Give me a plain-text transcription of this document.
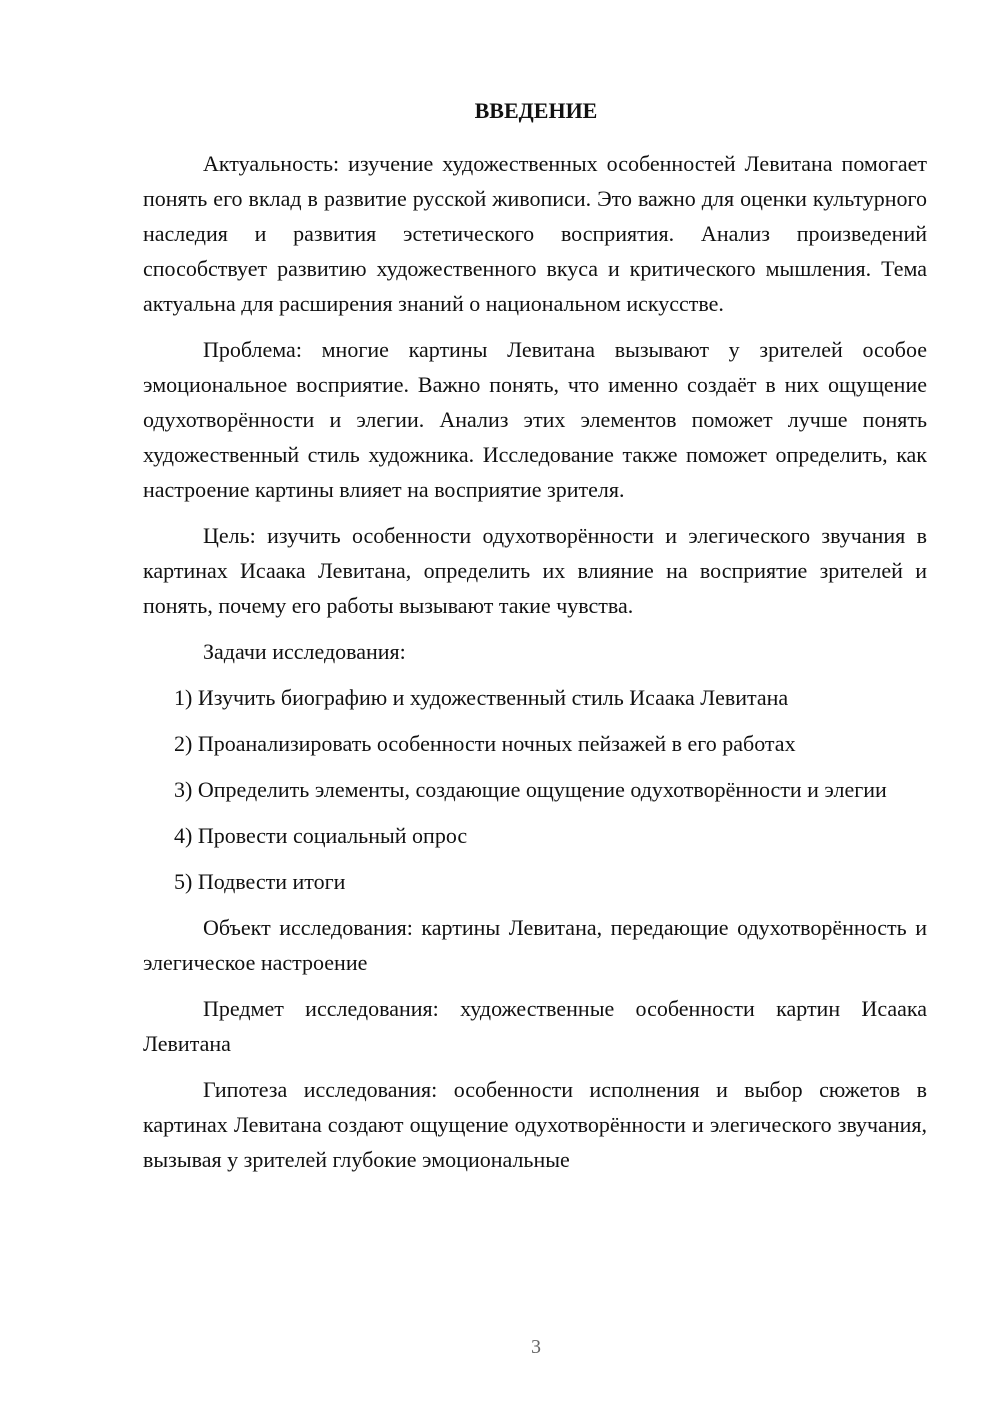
ВВЕДЕНИЕ

Актуальность: изучение художественных особенностей Левитана помогает понять его вклад в развитие русской живописи. Это важно для оценки культурного наследия и развития эстетического восприятия. Анализ произведений способствует развитию художественного вкуса и критического мышления. Тема актуальна для расширения знаний о национальном искусстве.

Проблема: многие картины Левитана вызывают у зрителей особое эмоциональное восприятие. Важно понять, что именно создаёт в них ощущение одухотворённости и элегии. Анализ этих элементов поможет лучше понять художественный стиль художника. Исследование также поможет определить, как настроение картины влияет на восприятие зрителя.

Цель: изучить особенности одухотворённости и элегического звучания в картинах Исаака Левитана, определить их влияние на восприятие зрителей и понять, почему его работы вызывают такие чувства.

Задачи исследования:

1) Изучить биографию и художественный стиль Исаака Левитана

2) Проанализировать особенности ночных пейзажей в его работах

3) Определить элементы, создающие ощущение одухотворённости и элегии

4) Провести социальный опрос

5) Подвести итоги

Объект исследования: картины Левитана, передающие одухотворённость и элегическое настроение

Предмет исследования: художественные особенности картин Исаака Левитана

Гипотеза исследования: особенности исполнения и выбор сюжетов в картинах Левитана создают ощущение одухотворённости и элегического звучания, вызывая у зрителей глубокие эмоциональные

3
